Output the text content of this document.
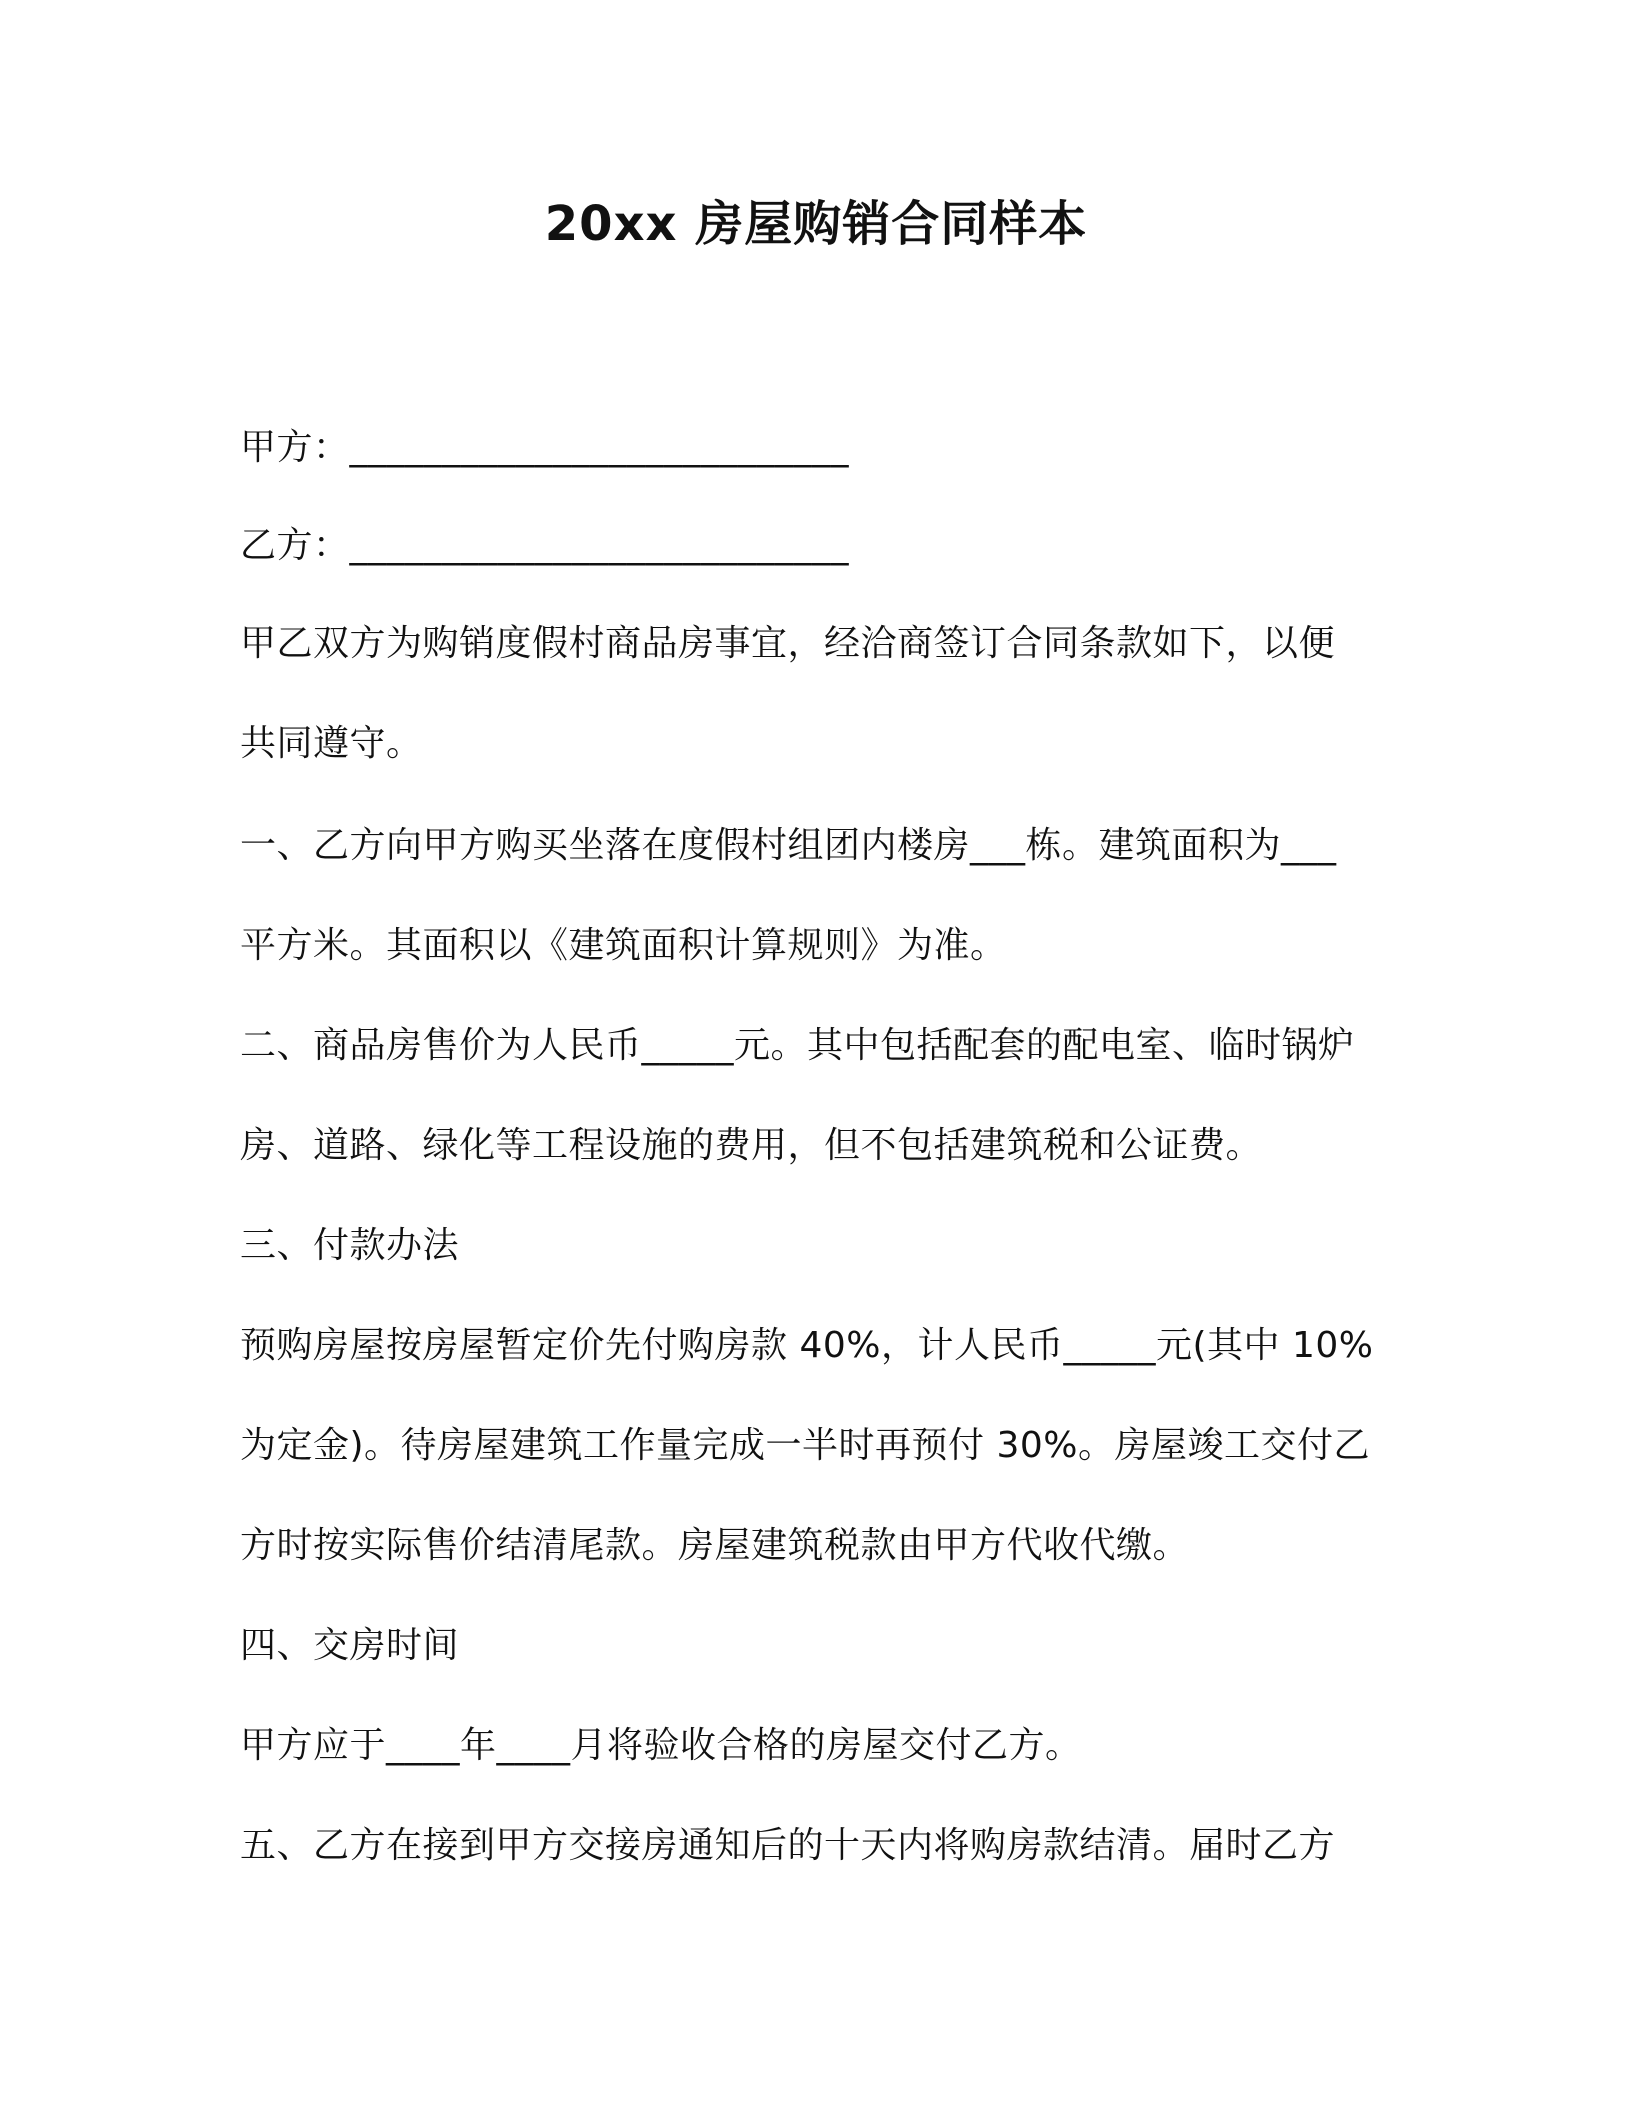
20xx 房屋购销合同样本
甲方：___________________________
乙方：___________________________
甲乙双方为购销度假村商品房事宜，经洽商签订合同条款如下，以便
共同遵守。
一、乙方向甲方购买坐落在度假村组团内楼房___栋。建筑面积为___
平方米。其面积以《建筑面积计算规则》为准。
二、商品房售价为人民币_____元。其中包括配套的配电室、临时锅炉
房、道路、绿化等工程设施的费用，但不包括建筑税和公证费。
三、付款办法
预购房屋按房屋暂定价先付购房款 40%，计人民币_____元(其中 10%
为定金)。待房屋建筑工作量完成一半时再预付 30%。房屋竣工交付乙
方时按实际售价结清尾款。房屋建筑税款由甲方代收代缴。
四、交房时间
甲方应于____年____月将验收合格的房屋交付乙方。
五、乙方在接到甲方交接房通知后的十天内将购房款结清。届时乙方
